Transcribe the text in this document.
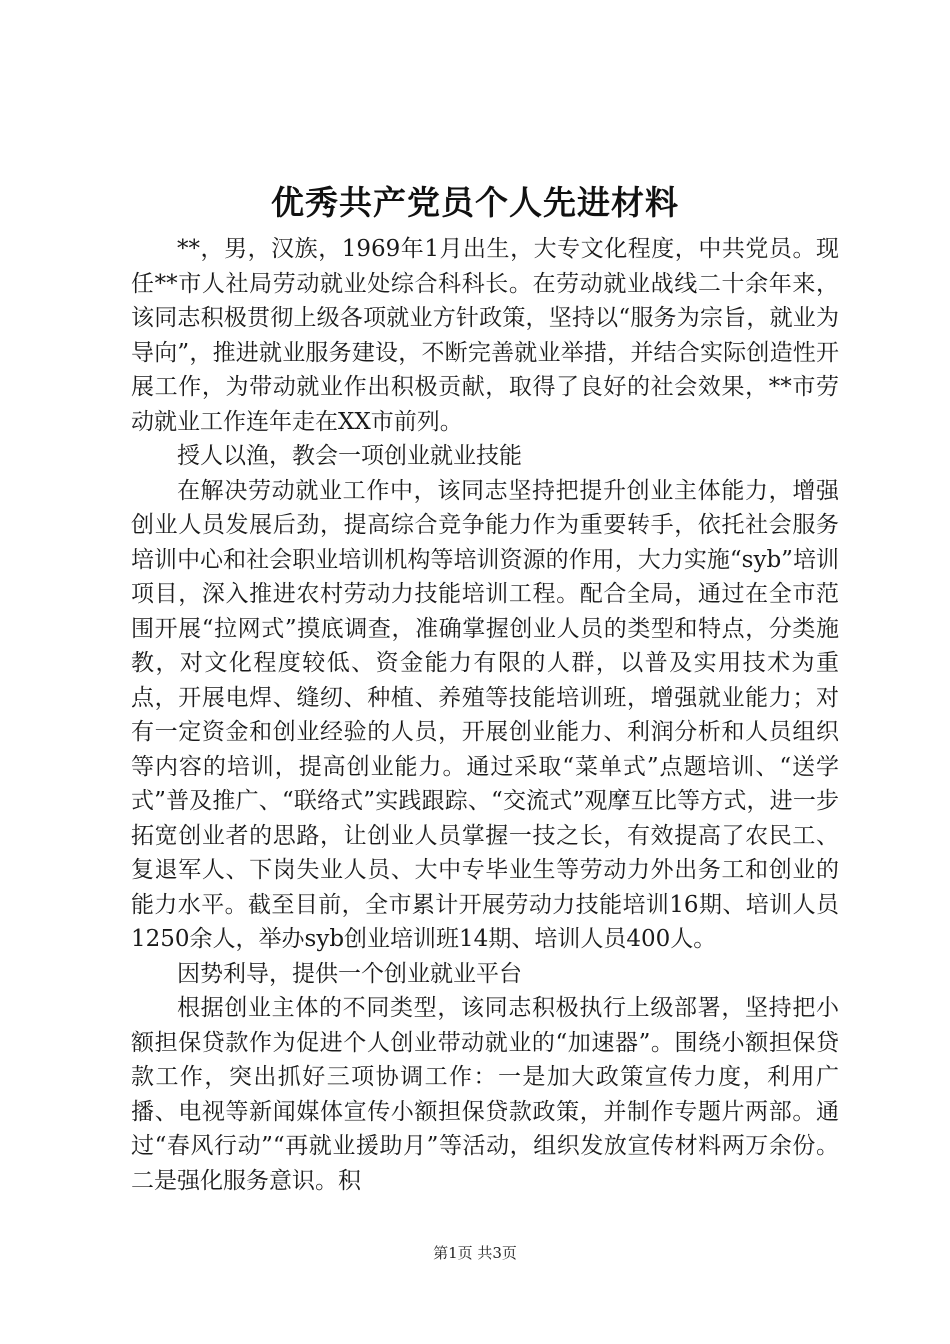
优秀共产党员个人先进材料

**，男，汉族，1969年1月出生，大专文化程度，中共党员。现任**市人社局劳动就业处综合科科长。在劳动就业战线二十余年来，该同志积极贯彻上级各项就业方针政策，坚持以“服务为宗旨，就业为导向”，推进就业服务建设，不断完善就业举措，并结合实际创造性开展工作，为带动就业作出积极贡献，取得了良好的社会效果，**市劳动就业工作连年走在XX市前列。

授人以渔，教会一项创业就业技能

在解决劳动就业工作中，该同志坚持把提升创业主体能力，增强创业人员发展后劲，提高综合竞争能力作为重要转手，依托社会服务培训中心和社会职业培训机构等培训资源的作用，大力实施“syb”培训项目，深入推进农村劳动力技能培训工程。配合全局，通过在全市范围开展“拉网式”摸底调查，准确掌握创业人员的类型和特点，分类施教，对文化程度较低、资金能力有限的人群，以普及实用技术为重点，开展电焊、缝纫、种植、养殖等技能培训班，增强就业能力；对有一定资金和创业经验的人员，开展创业能力、利润分析和人员组织等内容的培训，提高创业能力。通过采取“菜单式”点题培训、“送学式”普及推广、“联络式”实践跟踪、“交流式”观摩互比等方式，进一步拓宽创业者的思路，让创业人员掌握一技之长，有效提高了农民工、复退军人、下岗失业人员、大中专毕业生等劳动力外出务工和创业的能力水平。截至目前，全市累计开展劳动力技能培训16期、培训人员1250余人，举办syb创业培训班14期、培训人员400人。

因势利导，提供一个创业就业平台

根据创业主体的不同类型，该同志积极执行上级部署，坚持把小额担保贷款作为促进个人创业带动就业的“加速器”。围绕小额担保贷款工作，突出抓好三项协调工作：一是加大政策宣传力度，利用广播、电视等新闻媒体宣传小额担保贷款政策，并制作专题片两部。通过“春风行动”“再就业援助月”等活动，组织发放宣传材料两万余份。二是强化服务意识。积

第1页 共3页
